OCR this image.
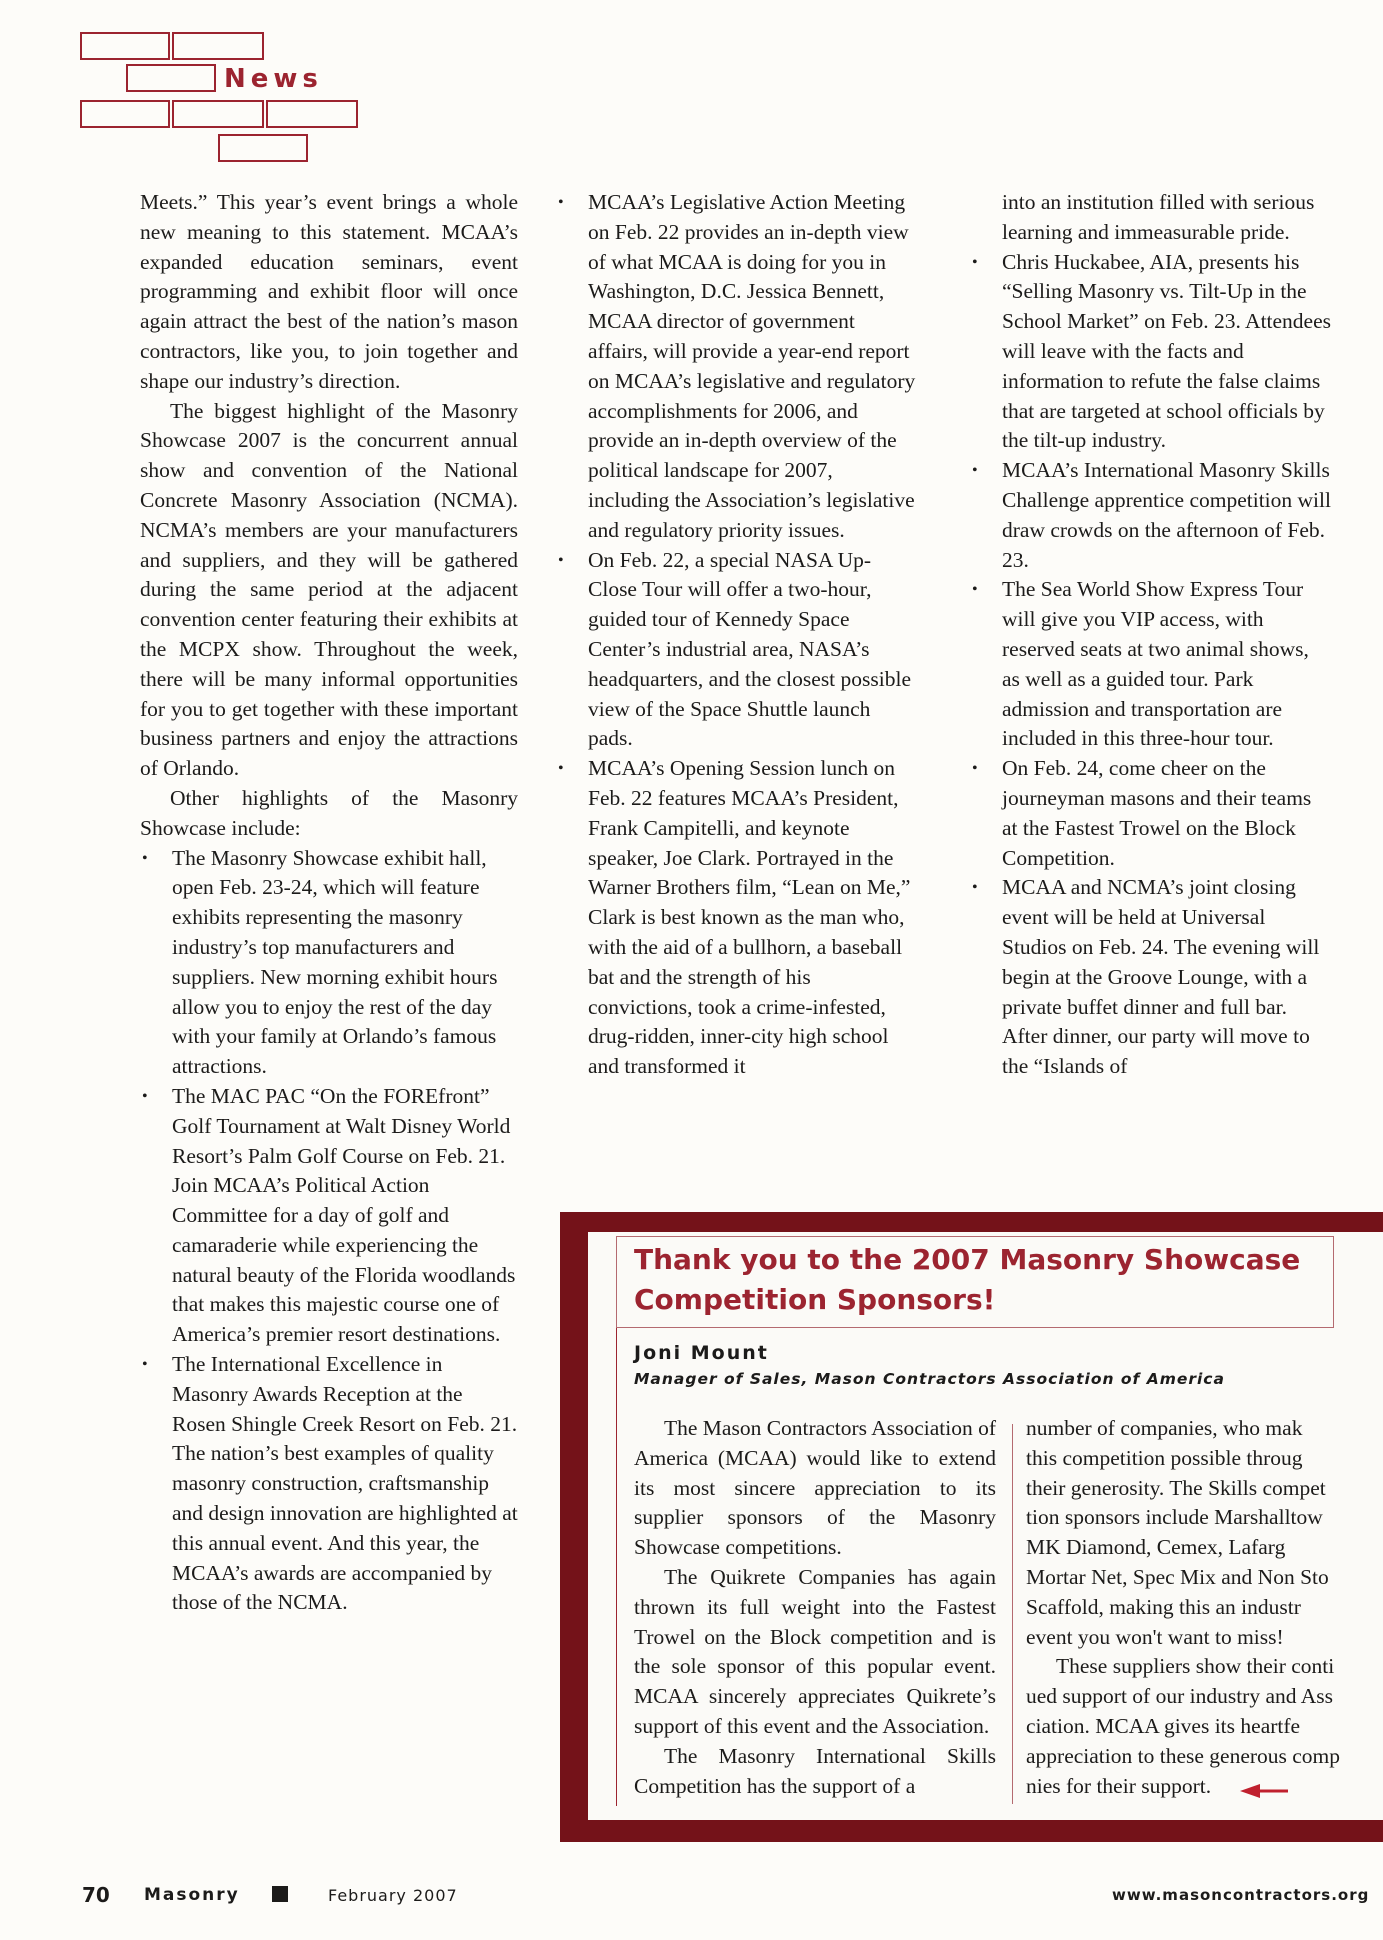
News

Meets.” This year’s event brings a whole new meaning to this statement. MCAA’s expanded education seminars, event programming and exhibit floor will once again attract the best of the nation’s mason contractors, like you, to join together and shape our industry’s direction.

The biggest highlight of the Masonry Showcase 2007 is the concurrent annual show and convention of the National Concrete Masonry Association (NCMA). NCMA’s members are your manufacturers and suppliers, and they will be gathered during the same period at the adjacent convention center featuring their exhibits at the MCPX show. Throughout the week, there will be many informal opportunities for you to get together with these important business partners and enjoy the attractions of Orlando.

Other highlights of the Masonry Showcase include:

• The Masonry Showcase exhibit hall, open Feb. 23-24, which will feature exhibits representing the masonry industry’s top manufacturers and suppliers. New morning exhibit hours allow you to enjoy the rest of the day with your family at Orlando’s famous attractions.
• The MAC PAC “On the FOREfront” Golf Tournament at Walt Disney World Resort’s Palm Golf Course on Feb. 21. Join MCAA’s Political Action Committee for a day of golf and camaraderie while experiencing the natural beauty of the Florida woodlands that makes this majestic course one of America’s premier resort destinations.
• The International Excellence in Masonry Awards Reception at the Rosen Shingle Creek Resort on Feb. 21. The nation’s best examples of quality masonry construction, craftsmanship and design innovation are highlighted at this annual event. And this year, the MCAA’s awards are accompanied by those of the NCMA.
• MCAA’s Legislative Action Meeting on Feb. 22 provides an in-depth view of what MCAA is doing for you in Washington, D.C. Jessica Bennett, MCAA director of government affairs, will provide a year-end report on MCAA’s legislative and regulatory accomplishments for 2006, and provide an in-depth overview of the political landscape for 2007, including the Association’s legislative and regulatory priority issues.
• On Feb. 22, a special NASA Up-Close Tour will offer a two-hour, guided tour of Kennedy Space Center’s industrial area, NASA’s headquarters, and the closest possible view of the Space Shuttle launch pads.
• MCAA’s Opening Session lunch on Feb. 22 features MCAA’s President, Frank Campitelli, and keynote speaker, Joe Clark. Portrayed in the Warner Brothers film, “Lean on Me,” Clark is best known as the man who, with the aid of a bullhorn, a baseball bat and the strength of his convictions, took a crime-infested, drug-ridden, inner-city high school and transformed it

into an institution filled with serious learning and immeasurable pride.

• Chris Huckabee, AIA, presents his “Selling Masonry vs. Tilt-Up in the School Market” on Feb. 23. Attendees will leave with the facts and information to refute the false claims that are targeted at school officials by the tilt-up industry.
• MCAA’s International Masonry Skills Challenge apprentice competition will draw crowds on the afternoon of Feb. 23.
• The Sea World Show Express Tour will give you VIP access, with reserved seats at two animal shows, as well as a guided tour. Park admission and transportation are included in this three-hour tour.
• On Feb. 24, come cheer on the journeyman masons and their teams at the Fastest Trowel on the Block Competition.
• MCAA and NCMA’s joint closing event will be held at Universal Studios on Feb. 24. The evening will begin at the Groove Lounge, with a private buffet dinner and full bar. After dinner, our party will move to the “Islands of
Thank you to the 2007 Masonry Showcase Competition Sponsors!
Joni Mount
Manager of Sales, Mason Contractors Association of America

The Mason Contractors Association of America (MCAA) would like to extend its most sincere appreciation to its supplier sponsors of the Masonry Showcase competitions.

The Quikrete Companies has again thrown its full weight into the Fastest Trowel on the Block competition and is the sole sponsor of this popular event. MCAA sincerely appreciates Quikrete’s support of this event and the Association.

The Masonry International Skills Competition has the support of a

number of companies, who mak
this competition possible throug
their generosity. The Skills compet
tion sponsors include Marshalltow
MK Diamond, Cemex, Lafarg
Mortar Net, Spec Mix and Non Sto
Scaffold, making this an industr
event you won't want to miss!
These suppliers show their conti
ued support of our industry and Ass
ciation. MCAA gives its heartfe
appreciation to these generous comp
nies for their support.
70 Masonry	February 2007	www.masoncontractors.org
